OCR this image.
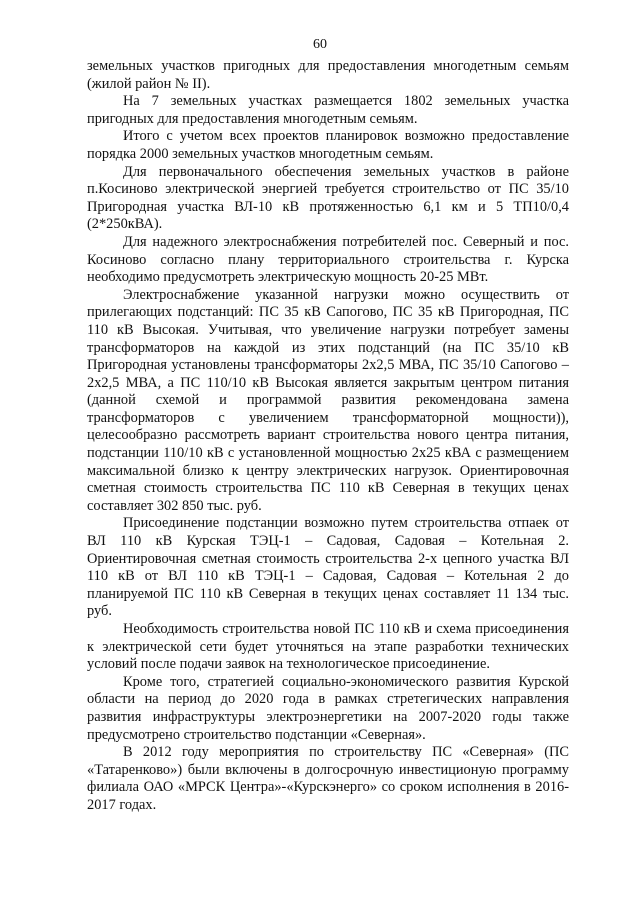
60

земельных участков пригодных для предоставления многодетным семьям (жилой район № II).

На 7 земельных участках размещается 1802 земельных участка пригодных для предоставления многодетным семьям.

Итого с учетом всех проектов планировок возможно предоставление порядка 2000 земельных участков многодетным семьям.

Для первоначального обеспечения земельных участков в районе п.Косиново электрической энергией требуется строительство от ПС 35/10 Пригородная участка ВЛ-10 кВ протяженностью 6,1 км и 5 ТП10/0,4 (2*250кВА).

Для надежного электроснабжения потребителей пос. Северный и пос. Косиново согласно плану территориального строительства г. Курска необходимо предусмотреть электрическую мощность 20-25 МВт.

Электроснабжение указанной нагрузки можно осуществить от прилегающих подстанций: ПС 35 кВ Сапогово, ПС 35 кВ Пригородная, ПС 110 кВ Высокая. Учитывая, что увеличение нагрузки потребует замены трансформаторов на каждой из этих подстанций (на ПС 35/10 кВ Пригородная установлены трансформаторы 2х2,5 МВА, ПС 35/10 Сапогово – 2х2,5 МВА, а ПС 110/10 кВ Высокая является закрытым центром питания (данной схемой и программой развития рекомендована замена трансформаторов с увеличением трансформаторной мощности)), целесообразно рассмотреть вариант строительства нового центра питания, подстанции 110/10 кВ с установленной мощностью 2х25 кВА с размещением максимальной близко к центру электрических нагрузок. Ориентировочная сметная стоимость строительства ПС 110 кВ Северная в текущих ценах составляет 302 850 тыс. руб.

Присоединение подстанции возможно путем строительства отпаек от ВЛ 110 кВ Курская ТЭЦ-1 – Садовая, Садовая – Котельная 2. Ориентировочная сметная стоимость строительства 2-х цепного участка ВЛ 110 кВ от ВЛ 110 кВ ТЭЦ-1 – Садовая, Садовая – Котельная 2 до планируемой ПС 110 кВ Северная в текущих ценах составляет 11 134 тыс. руб.

Необходимость строительства новой ПС 110 кВ и схема присоединения к электрической сети будет уточняться на этапе разработки технических условий после подачи заявок на технологическое присоединение.

Кроме того, стратегией социально-экономического развития Курской области на период до 2020 года в рамках стретегических направления развития инфраструктуры электроэнергетики на 2007-2020 годы также предусмотрено строительство подстанции «Северная».

В 2012 году мероприятия по строительству ПС «Северная» (ПС «Татаренково») были включены в долгосрочную инвестиционую программу филиала ОАО «МРСК Центра»-«Курскэнерго» со сроком исполнения в 2016-2017 годах.
